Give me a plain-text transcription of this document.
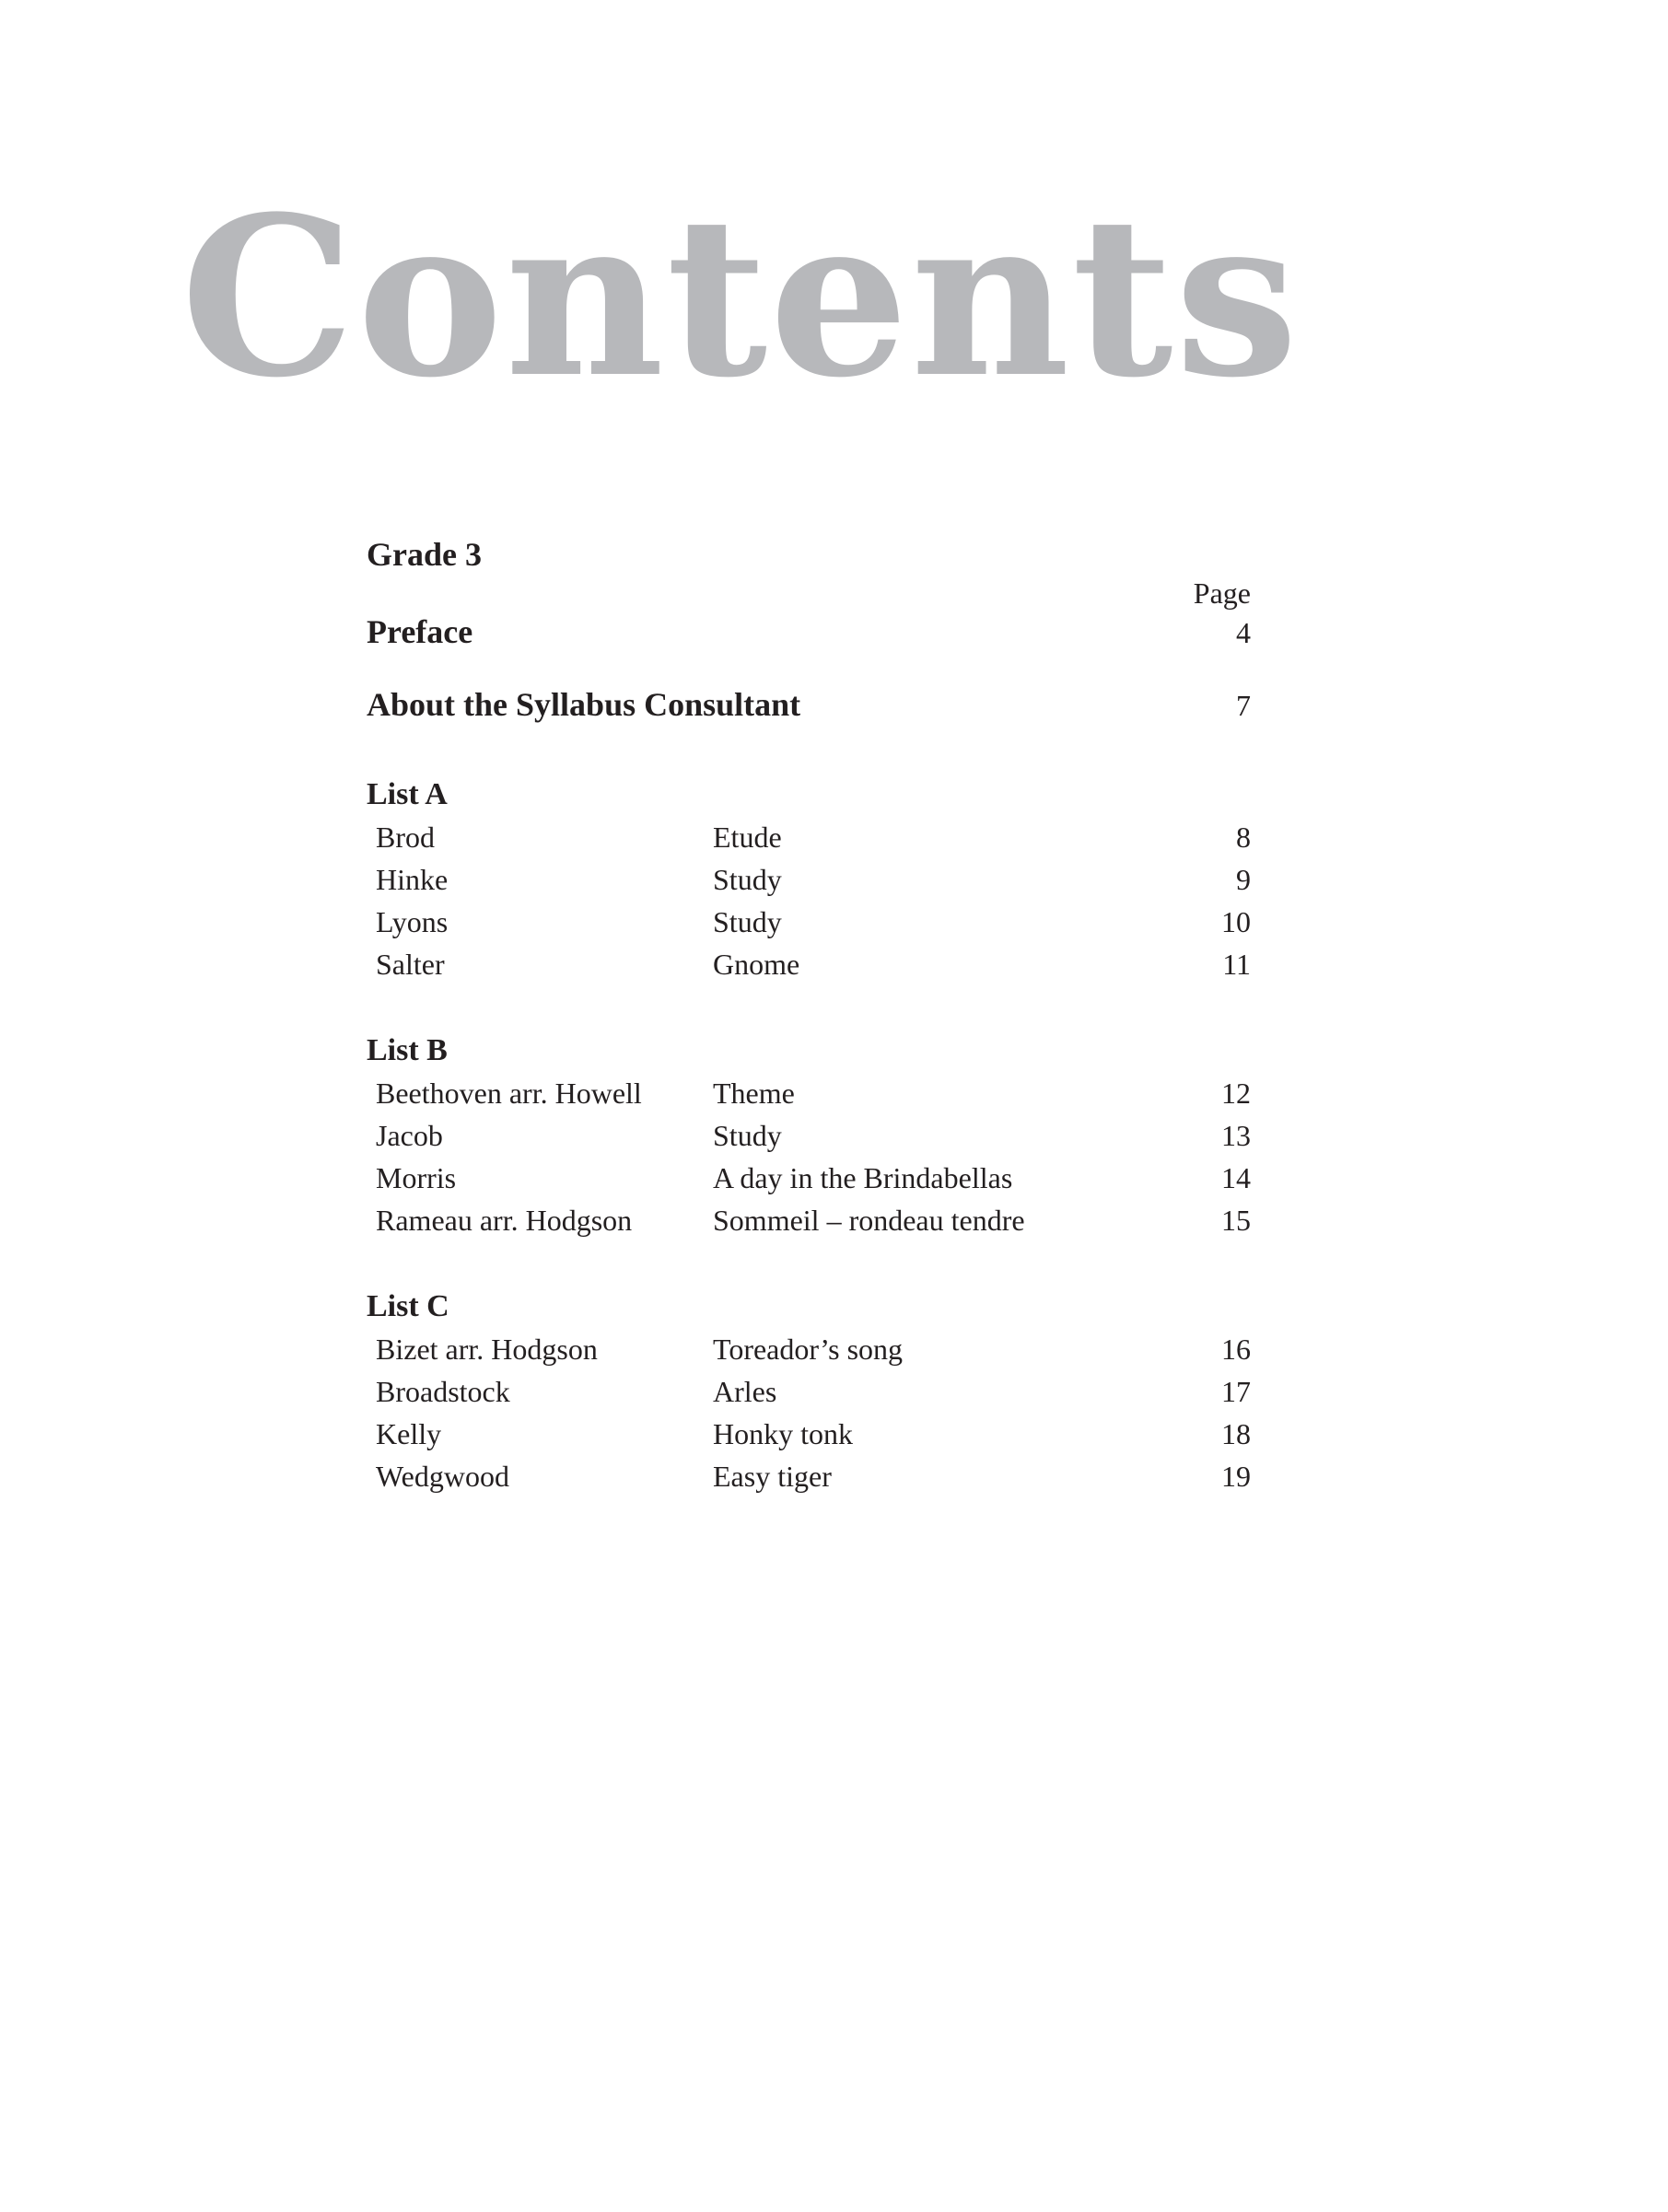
Contents
Grade 3
Page
Preface	4
About the Syllabus Consultant	7
List A
Brod	Etude	8
Hinke	Study	9
Lyons	Study	10
Salter	Gnome	11
List B
Beethoven arr. Howell	Theme	12
Jacob	Study	13
Morris	A day in the Brindabellas	14
Rameau arr. Hodgson	Sommeil – rondeau tendre	15
List C
Bizet arr. Hodgson	Toreador’s song	16
Broadstock	Arles	17
Kelly	Honky tonk	18
Wedgwood	Easy tiger	19
